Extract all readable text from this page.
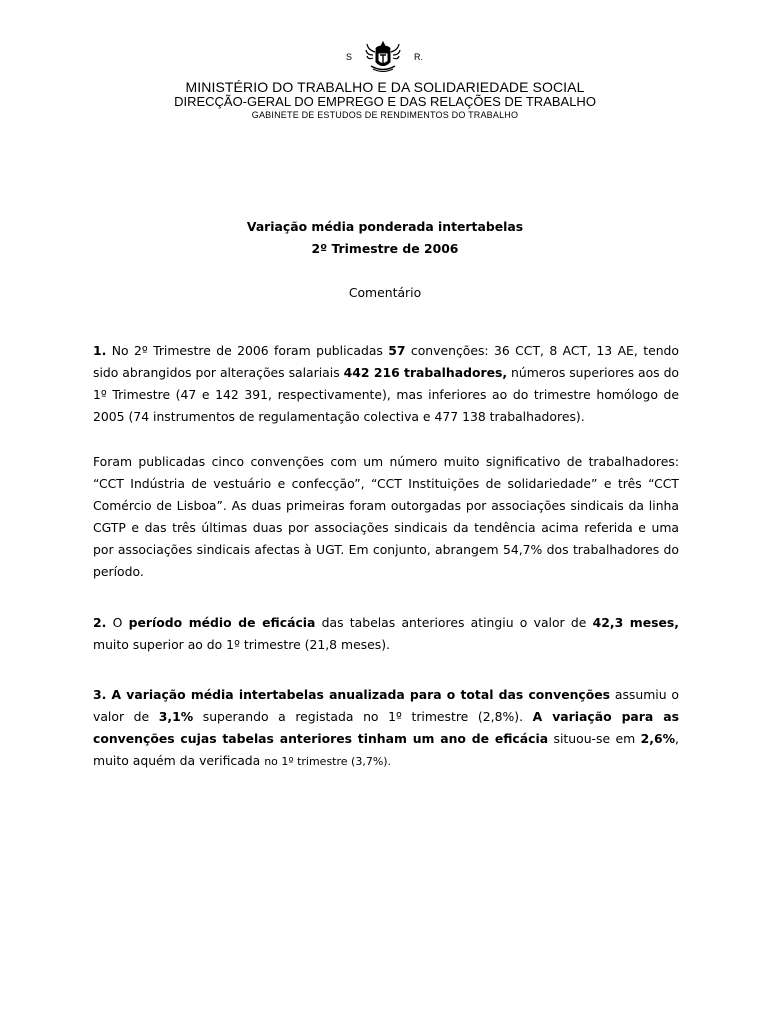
S	R.
MINISTÉRIO DO TRABALHO E DA SOLIDARIEDADE SOCIAL
DIRECÇÃO-GERAL DO EMPREGO E DAS RELAÇÕES DE TRABALHO
GABINETE DE ESTUDOS DE RENDIMENTOS DO TRABALHO
Variação média ponderada intertabelas
2º Trimestre de 2006
Comentário
1. No 2º Trimestre de 2006 foram publicadas 57 convenções: 36 CCT, 8 ACT, 13 AE, tendo sido abrangidos por alterações salariais 442 216 trabalhadores, números superiores aos do 1º Trimestre (47 e 142 391, respectivamente), mas inferiores ao do trimestre homólogo de 2005 (74 instrumentos de regulamentação colectiva e 477 138 trabalhadores).
Foram publicadas cinco convenções com um número muito significativo de trabalhadores: “CCT Indústria de vestuário e confecção”, “CCT Instituições de solidariedade” e três “CCT Comércio de Lisboa”. As duas primeiras foram outorgadas por associações sindicais da linha CGTP e das três últimas duas por associações sindicais da tendência acima referida e uma por associações sindicais afectas à UGT. Em conjunto, abrangem 54,7% dos trabalhadores do período.
2. O período médio de eficácia das tabelas anteriores atingiu o valor de 42,3 meses, muito superior ao do 1º trimestre (21,8 meses).
3. A variação média intertabelas anualizada para o total das convenções assumiu o valor de 3,1% superando a registada no 1º trimestre (2,8%). A variação para as convenções cujas tabelas anteriores tinham um ano de eficácia situou-se em 2,6%, muito aquém da verificada no 1º trimestre (3,7%).
